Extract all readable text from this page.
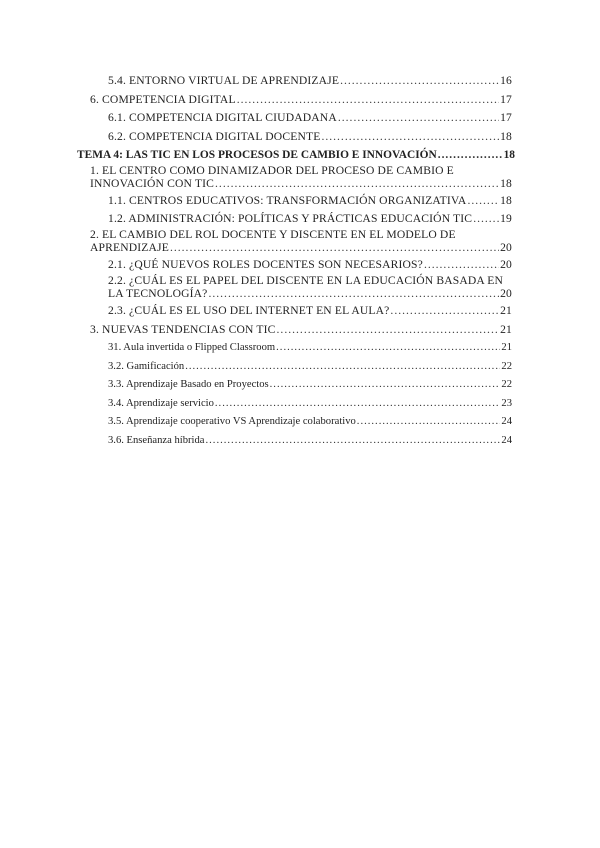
5.4. ENTORNO VIRTUAL DE APRENDIZAJE .....	16
6. COMPETENCIA DIGITAL .....	17
6.1. COMPETENCIA DIGITAL CIUDADANA .....	17
6.2. COMPETENCIA DIGITAL DOCENTE .....	18
TEMA 4: LAS TIC EN LOS PROCESOS DE CAMBIO E INNOVACIÓN .....	18
1. EL CENTRO COMO DINAMIZADOR DEL PROCESO DE CAMBIO E
INNOVACIÓN CON TIC .....	18
1.1. CENTROS EDUCATIVOS: TRANSFORMACIÓN ORGANIZATIVA .....	18
1.2. ADMINISTRACIÓN: POLÍTICAS Y PRÁCTICAS EDUCACIÓN TIC ..... 19
2. EL CAMBIO DEL ROL DOCENTE Y DISCENTE EN EL MODELO DE
APRENDIZAJE .....	20
2.1. ¿QUÉ NUEVOS ROLES DOCENTES SON NECESARIOS? .....	20
2.2. ¿CUÁL ES EL PAPEL DEL DISCENTE EN LA EDUCACIÓN BASADA EN
LA TECNOLOGÍA? .....	20
2.3. ¿CUÁL ES EL USO DEL INTERNET EN EL AULA? .....	21
3. NUEVAS TENDENCIAS CON TIC .....	21
31. Aula invertida o Flipped Classroom .....	21
3.2. Gamificación .....	22
3.3. Aprendizaje Basado en Proyectos .....	22
3.4. Aprendizaje servicio .....	23
3.5. Aprendizaje cooperativo VS Aprendizaje colaborativo .....	24
3.6. Enseñanza híbrida .....	24
